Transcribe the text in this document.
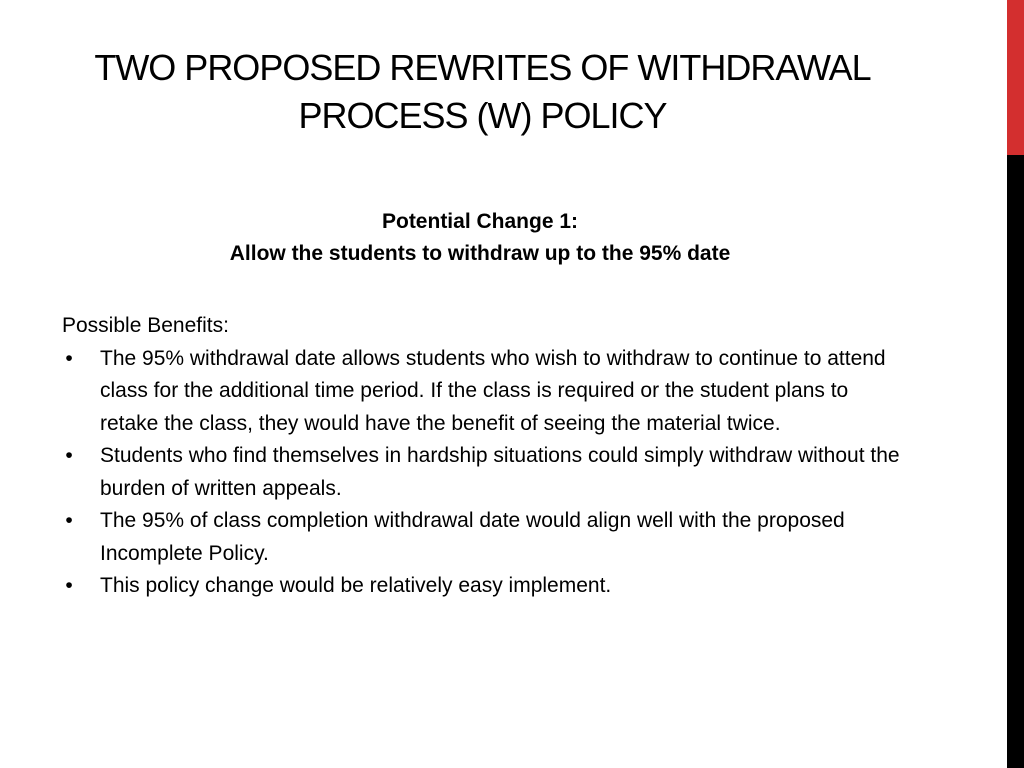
TWO PROPOSED REWRITES OF WITHDRAWAL
PROCESS (W) POLICY
Potential Change 1:
Allow the students to withdraw up to the 95% date
Possible Benefits:
• The 95% withdrawal date allows students who wish to withdraw to continue to attend class for the additional time period. If the class is required or the student plans to retake the class, they would have the benefit of seeing the material twice.
• Students who find themselves in hardship situations could simply withdraw without the burden of written appeals.
• The 95% of class completion withdrawal date would align well with the proposed Incomplete Policy.
• This policy change would be relatively easy implement.
